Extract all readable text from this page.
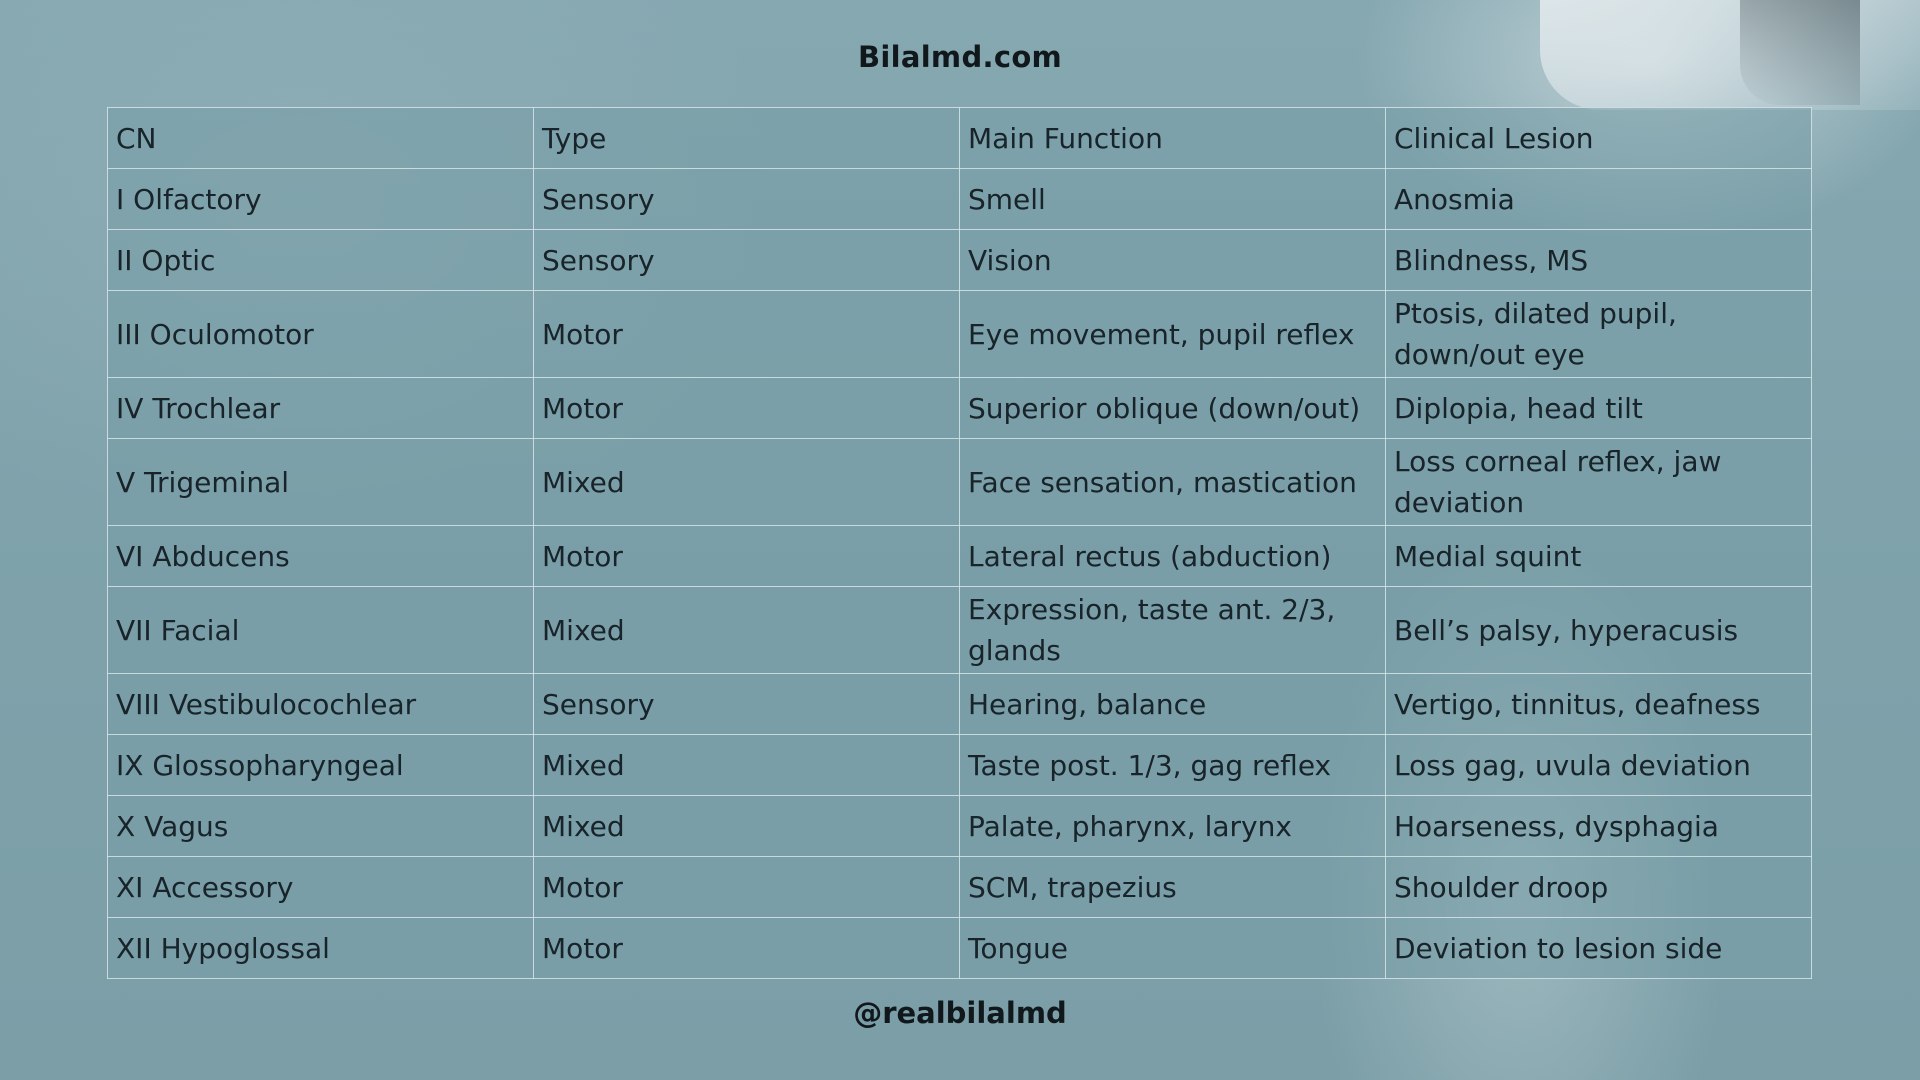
Bilalmd.com
CN	Type	Main Function	Clinical Lesion
I Olfactory	Sensory	Smell	Anosmia
II Optic	Sensory	Vision	Blindness, MS
III Oculomotor	Motor	Eye movement, pupil reflex	Ptosis, dilated pupil, down/out eye
IV Trochlear	Motor	Superior oblique (down/out)	Diplopia, head tilt
V Trigeminal	Mixed	Face sensation, mastication	Loss corneal reflex, jaw deviation
VI Abducens	Motor	Lateral rectus (abduction)	Medial squint
VII Facial	Mixed	Expression, taste ant. 2/3, glands	Bell’s palsy, hyperacusis
VIII Vestibulocochlear	Sensory	Hearing, balance	Vertigo, tinnitus, deafness
IX Glossopharyngeal	Mixed	Taste post. 1/3, gag reflex	Loss gag, uvula deviation
X Vagus	Mixed	Palate, pharynx, larynx	Hoarseness, dysphagia
XI Accessory	Motor	SCM, trapezius	Shoulder droop
XII Hypoglossal	Motor	Tongue	Deviation to lesion side
@realbilalmd
